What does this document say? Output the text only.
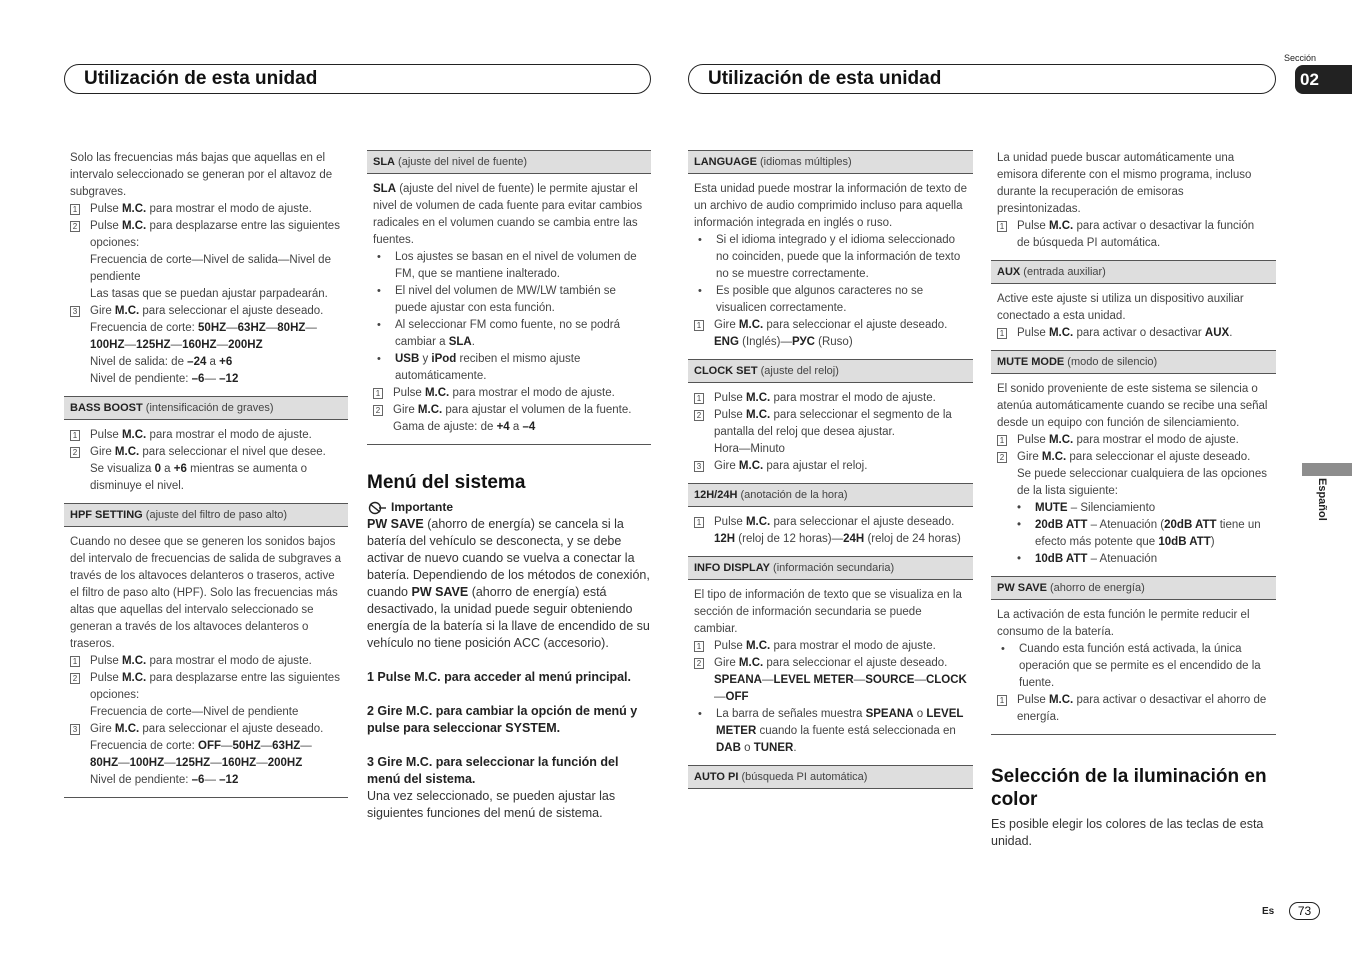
Utilización de esta unidad	Utilización de esta unidad
Sección
02
Español
Es	73
Solo las frecuencias más bajas que aquellas en el intervalo seleccionado se generan por el altavoz de subgraves.
1 Pulse M.C. para mostrar el modo de ajuste.
2 Pulse M.C. para desplazarse entre las siguientes opciones:
Frecuencia de corte—Nivel de salida—Nivel de pendiente
Las tasas que se puedan ajustar parpadearán.
3 Gire M.C. para seleccionar el ajuste deseado.
Frecuencia de corte: 50HZ—63HZ—80HZ—
100HZ—125HZ—160HZ—200HZ
Nivel de salida: de –24 a +6
Nivel de pendiente: –6— –12
BASS BOOST (intensificación de graves)
1 Pulse M.C. para mostrar el modo de ajuste.
2 Gire M.C. para seleccionar el nivel que desee.
Se visualiza 0 a +6 mientras se aumenta o disminuye el nivel.
HPF SETTING (ajuste del filtro de paso alto)
Cuando no desee que se generen los sonidos bajos del intervalo de frecuencias de salida de subgraves a través de los altavoces delanteros o traseros, active el filtro de paso alto (HPF). Solo las frecuencias más altas que aquellas del intervalo seleccionado se generan a través de los altavoces delanteros o traseros.
1 Pulse M.C. para mostrar el modo de ajuste.
2 Pulse M.C. para desplazarse entre las siguientes opciones:
Frecuencia de corte—Nivel de pendiente
3 Gire M.C. para seleccionar el ajuste deseado.
Frecuencia de corte: OFF—50HZ—63HZ—
80HZ—100HZ—125HZ—160HZ—200HZ
Nivel de pendiente: –6— –12
SLA (ajuste del nivel de fuente)
SLA (ajuste del nivel de fuente) le permite ajustar el nivel de volumen de cada fuente para evitar cambios radicales en el volumen cuando se cambia entre las fuentes.
•	Los ajustes se basan en el nivel de volumen de FM, que se mantiene inalterado.
•	El nivel del volumen de MW/LW también se puede ajustar con esta función.
•	Al seleccionar FM como fuente, no se podrá cambiar a SLA.
•	USB y iPod reciben el mismo ajuste automáticamente.
1 Pulse M.C. para mostrar el modo de ajuste.
2 Gire M.C. para ajustar el volumen de la fuente.
Gama de ajuste: de +4 a –4
Menú del sistema
Importante
PW SAVE (ahorro de energía) se cancela si la batería del vehículo se desconecta, y se debe activar de nuevo cuando se vuelva a conectar la batería. Dependiendo de los métodos de conexión, cuando PW SAVE (ahorro de energía) está desactivado, la unidad puede seguir obteniendo energía de la batería si la llave de encendido de su vehículo no tiene posición ACC (accesorio).
1 Pulse M.C. para acceder al menú principal.
2 Gire M.C. para cambiar la opción de menú y pulse para seleccionar SYSTEM.
3 Gire M.C. para seleccionar la función del menú del sistema.
Una vez seleccionado, se pueden ajustar las siguientes funciones del menú de sistema.
LANGUAGE (idiomas múltiples)
Esta unidad puede mostrar la información de texto de un archivo de audio comprimido incluso para aquella información integrada en inglés o ruso.
•	Si el idioma integrado y el idioma seleccionado no coinciden, puede que la información de texto no se muestre correctamente.
•	Es posible que algunos caracteres no se visualicen correctamente.
1 Gire M.C. para seleccionar el ajuste deseado.
ENG (Inglés)—РУС (Ruso)
CLOCK SET (ajuste del reloj)
1 Pulse M.C. para mostrar el modo de ajuste.
2 Pulse M.C. para seleccionar el segmento de la pantalla del reloj que desea ajustar.
Hora—Minuto
3 Gire M.C. para ajustar el reloj.
12H/24H (anotación de la hora)
1 Pulse M.C. para seleccionar el ajuste deseado.
12H (reloj de 12 horas)—24H (reloj de 24 horas)
INFO DISPLAY (información secundaria)
El tipo de información de texto que se visualiza en la sección de información secundaria se puede cambiar.
1 Pulse M.C. para mostrar el modo de ajuste.
2 Gire M.C. para seleccionar el ajuste deseado.
SPEANA—LEVEL METER—SOURCE—CLOCK
—OFF
•	La barra de señales muestra SPEANA o LEVEL METER cuando la fuente está seleccionada en DAB o TUNER.
AUTO PI (búsqueda PI automática)
La unidad puede buscar automáticamente una emisora diferente con el mismo programa, incluso durante la recuperación de emisoras presintonizadas.
1 Pulse M.C. para activar o desactivar la función de búsqueda PI automática.
AUX (entrada auxiliar)
Active este ajuste si utiliza un dispositivo auxiliar conectado a esta unidad.
1 Pulse M.C. para activar o desactivar AUX.
MUTE MODE (modo de silencio)
El sonido proveniente de este sistema se silencia o atenúa automáticamente cuando se recibe una señal desde un equipo con función de silenciamiento.
1 Pulse M.C. para mostrar el modo de ajuste.
2 Gire M.C. para seleccionar el ajuste deseado.
Se puede seleccionar cualquiera de las opciones de la lista siguiente:
•	MUTE – Silenciamiento
•	20dB ATT – Atenuación (20dB ATT tiene un efecto más potente que 10dB ATT)
•	10dB ATT – Atenuación
PW SAVE (ahorro de energía)
La activación de esta función le permite reducir el consumo de la batería.
•	Cuando esta función está activada, la única operación que se permite es el encendido de la fuente.
1 Pulse M.C. para activar o desactivar el ahorro de energía.
Selección de la iluminación en color
Es posible elegir los colores de las teclas de esta unidad.
